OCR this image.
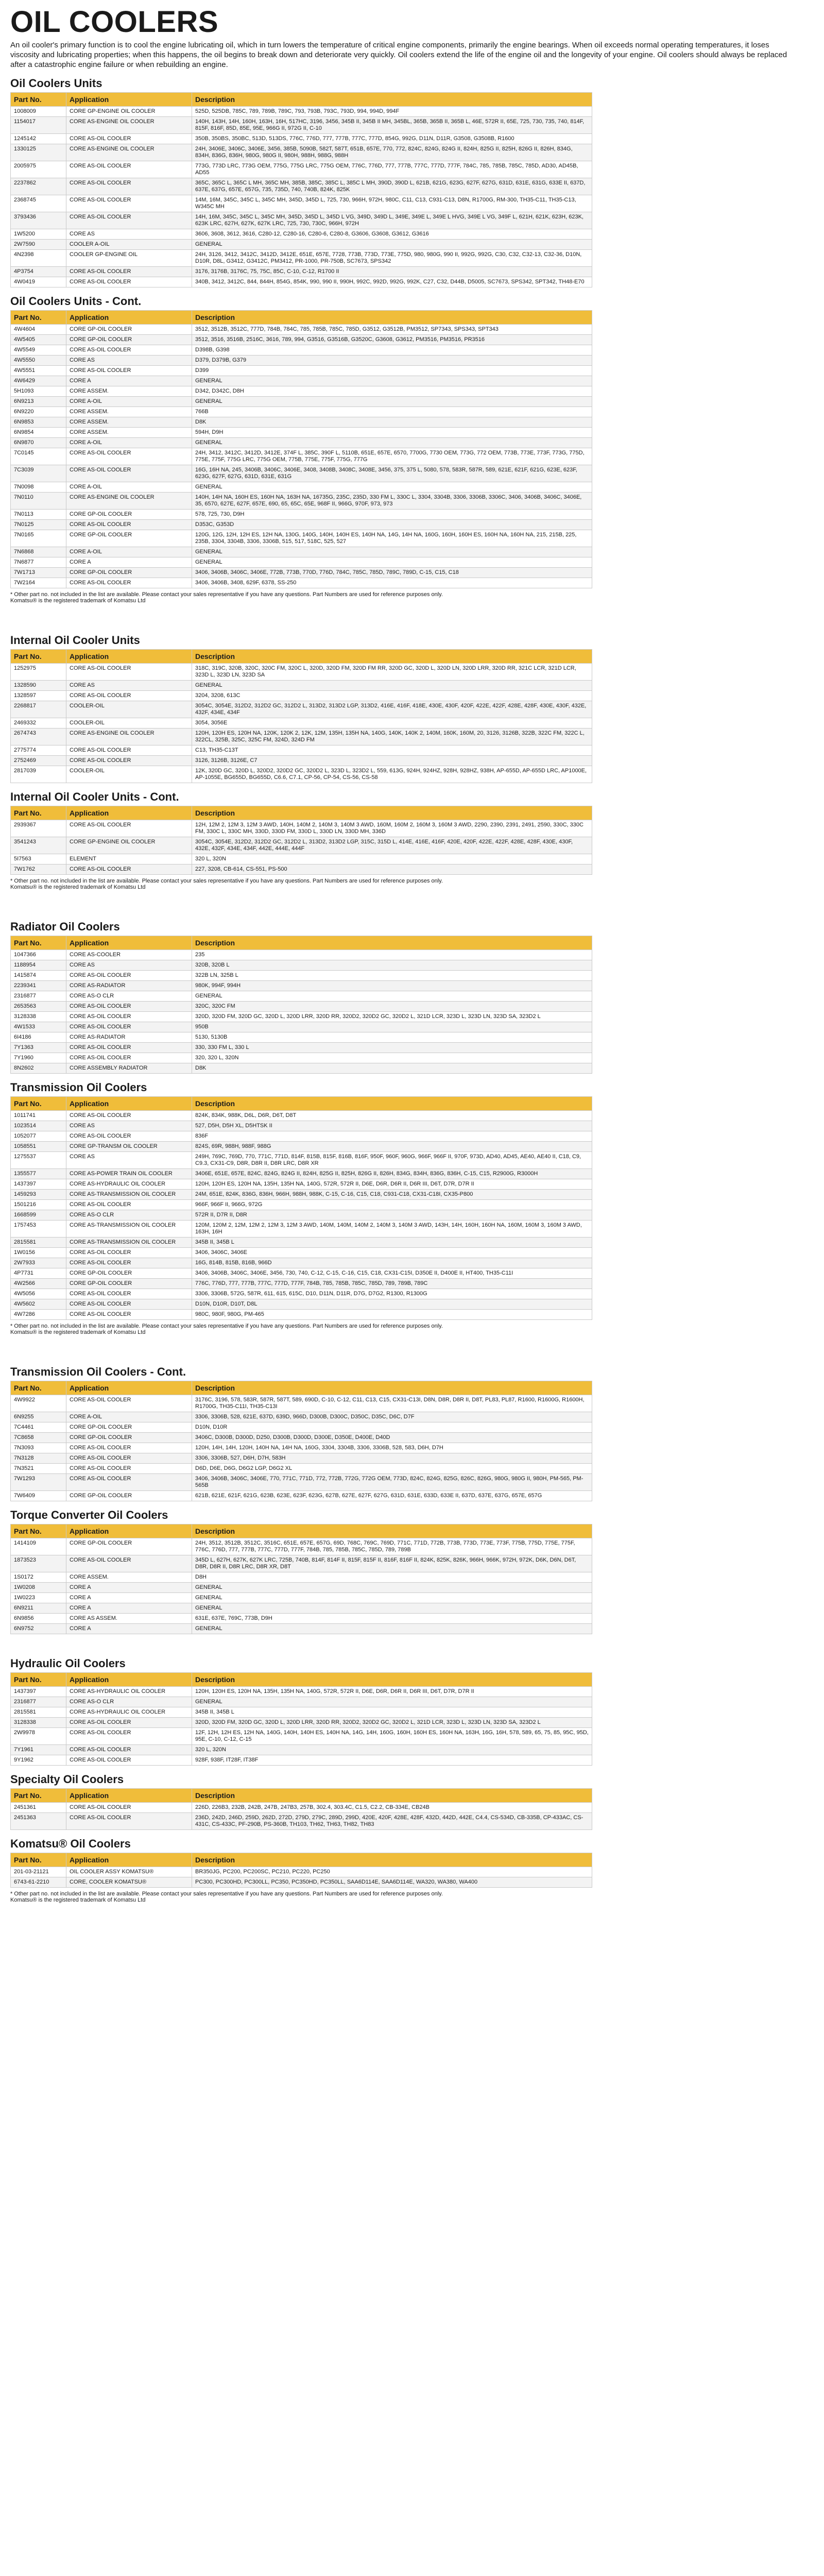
OIL COOLERS

An oil cooler's primary function is to cool the engine lubricating oil, which in turn lowers the temperature of critical engine components, primarily the engine bearings. When oil exceeds normal operating temperatures, it loses viscosity and lubricating properties; when this happens, the oil begins to break down and deteriorate very quickly. Oil coolers extend the life of the engine oil and the longevity of your engine. Oil coolers should always be replaced after a catastrophic engine failure or when rebuilding an engine.

Oil Coolers Units
Part No.	Application	Description
1008009	CORE GP-ENGINE OIL COOLER	525D, 525DB, 785C, 789, 789B, 789C, 793, 793B, 793C, 793D, 994, 994D, 994F
1154017	CORE AS-ENGINE OIL COOLER	140H, 143H, 14H, 160H, 163H, 16H, 517HC, 3196, 3456, 345B II, 345B II MH, 345BL, 365B, 365B II, 365B L, 46E, 572R II, 65E, 725, 730, 735, 740, 814F, 815F, 816F, 85D, 85E, 95E, 966G II, 972G II, C-10
1245142	CORE AS-OIL COOLER	350B, 350BS, 350BC, 513D, 513DS, 776C, 776D, 777, 777B, 777C, 777D, 854G, 992G, D11N, D11R, G3508, G3508B, R1600
1330125	CORE AS-ENGINE OIL COOLER	24H, 3406E, 3406C, 3406E, 3456, 385B, 5090B, 582T, 587T, 651B, 657E, 770, 772, 824C, 824G, 824G II, 824H, 825G II, 825H, 826G II, 826H, 834G, 834H, 836G, 836H, 980G, 980G II, 980H, 988H, 988G, 988H
2005975	CORE AS-OIL COOLER	773G, 773D LRC, 773G OEM, 775G, 775G LRC, 775G OEM, 776C, 776D, 777, 777B, 777C, 777D, 777F, 784C, 785, 785B, 785C, 785D, AD30, AD45B, AD55
2237862	CORE AS-OIL COOLER	365C, 365C L, 365C L MH, 365C MH, 385B, 385C, 385C L, 385C L MH, 390D, 390D L, 621B, 621G, 623G, 627F, 627G, 631D, 631E, 631G, 633E II, 637D, 637E, 637G, 657E, 657G, 735, 735D, 740, 740B, 824K, 825K
2368745	CORE AS-OIL COOLER	14M, 16M, 345C, 345C L, 345C MH, 345D, 345D L, 725, 730, 966H, 972H, 980C, C11, C13, C931-C13, D8N, R1700G, RM-300, TH35-C11, TH35-C13, W345C MH
3793436	CORE AS-OIL COOLER	14H, 16M, 345C, 345C L, 345C MH, 345D, 345D L, 345D L VG, 349D, 349D L, 349E, 349E L, 349E L HVG, 349E L VG, 349F L, 621H, 621K, 623H, 623K, 623K LRC, 627H, 627K, 627K LRC, 725, 730, 730C, 966H, 972H
1W5200	CORE AS	3606, 3608, 3612, 3616, C280-12, C280-16, C280-6, C280-8, G3606, G3608, G3612, G3616
2W7590	COOLER A-OIL	GENERAL
4N2398	COOLER GP-ENGINE OIL	24H, 3126, 3412, 3412C, 3412D, 3412E, 651E, 657E, 7728, 773B, 773D, 773E, 775D, 980, 980G, 990 II, 992G, 992G, C30, C32, C32-13, C32-36, D10N, D10R, D8L, G3412, G3412C, PM3412, PR-1000, PR-750B, SC7673, SPS342
4P3754	CORE AS-OIL COOLER	3176, 3176B, 3176C, 75, 75C, 85C, C-10, C-12, R1700 II
4W0419	CORE AS-OIL COOLER	340B, 3412, 3412C, 844, 844H, 854G, 854K, 990, 990 II, 990H, 992C, 992D, 992G, 992K, C27, C32, D44B, D5005, SC7673, SPS342, SPT342, TH48-E70
Oil Coolers Units - Cont.
Part No.	Application	Description
4W4604	CORE GP-OIL COOLER	3512, 3512B, 3512C, 777D, 784B, 784C, 785, 785B, 785C, 785D, G3512, G3512B, PM3512, SP7343, SPS343, SPT343
4W5405	CORE GP-OIL COOLER	3512, 3516, 3516B, 2516C, 3616, 789, 994, G3516, G3516B, G3520C, G3608, G3612, PM3516, PM3516, PR3516
4W5549	CORE AS-OIL COOLER	D398B, G398
4W5550	CORE AS	D379, D379B, G379
4W5551	CORE AS-OIL COOLER	D399
4W6429	CORE A	GENERAL
5H1093	CORE ASSEM.	D342, D342C, D8H
6N9213	CORE A-OIL	GENERAL
6N9220	CORE ASSEM.	766B
6N9853	CORE ASSEM.	D8K
6N9854	CORE ASSEM.	594H, D9H
6N9870	CORE A-OIL	GENERAL
7C0145	CORE AS-OIL COOLER	24H, 3412, 3412C, 3412D, 3412E, 374F L, 385C, 390F L, 5110B, 651E, 657E, 6570, 7700G, 7730 OEM, 773G, 772 OEM, 773B, 773E, 773F, 773G, 775D, 775E, 775F, 775G LRC, 775G OEM, 775B, 775E, 775F, 775G, 777G
7C3039	CORE AS-OIL COOLER	16G, 16H NA, 245, 3406B, 3406C, 3406E, 3408, 3408B, 3408C, 3408E, 3456, 375, 375 L, 5080, 578, 583R, 587R, 589, 621E, 621F, 621G, 623E, 623F, 623G, 627F, 627G, 631D, 631E, 631G
7N0098	CORE A-OIL	GENERAL
7N0110	CORE AS-ENGINE OIL COOLER	140H, 14H NA, 160H ES, 160H NA, 163H NA, 16735G, 235C, 235D, 330 FM L, 330C L, 3304, 3304B, 3306, 3306B, 3306C, 3406, 3406B, 3406C, 3406E, 35, 6570, 627E, 627F, 657E, 690, 65, 65C, 65E, 968F II, 966G, 970F, 973, 973
7N0113	CORE GP-OIL COOLER	578, 725, 730, D9H
7N0125	CORE AS-OIL COOLER	D353C, G353D
7N0165	CORE GP-OIL COOLER	120G, 12G, 12H, 12H ES, 12H NA, 130G, 140G, 140H, 140H ES, 140H NA, 14G, 14H NA, 160G, 160H, 160H ES, 160H NA, 160H NA, 215, 215B, 225, 235B, 3304, 3304B, 3306, 3306B, 515, 517, 518C, 525, 527
7N6868	CORE A-OIL	GENERAL
7N6877	CORE A	GENERAL
7W1713	CORE GP-OIL COOLER	3406, 3406B, 3406C, 3406E, 772B, 773B, 770D, 776D, 784C, 785C, 785D, 789C, 789D, C-15, C15, C18
7W2164	CORE AS-OIL COOLER	3406, 3406B, 3408, 629F, 6378, SS-250
* Other part no. not included in the list are available. Please contact your sales representative if you have any questions. Part Numbers are used for reference purposes only.
Komatsu® is the registered trademark of Komatsu Ltd
Internal Oil Cooler Units
Part No.	Application	Description
1252975	CORE AS-OIL COOLER	318C, 319C, 320B, 320C, 320C FM, 320C L, 320D, 320D FM, 320D FM RR, 320D GC, 320D L, 320D LN, 320D LRR, 320D RR, 321C LCR, 321D LCR, 323D L, 323D LN, 323D SA
1328590	CORE AS	GENERAL
1328597	CORE AS-OIL COOLER	3204, 3208, 613C
2268817	COOLER-OIL	3054C, 3054E, 312D2, 312D2 GC, 312D2 L, 313D2, 313D2 LGP, 313D2, 416E, 416F, 418E, 430E, 430F, 420F, 422E, 422F, 428E, 428F, 430E, 430F, 432E, 432F, 434E, 434F
2469332	COOLER-OIL	3054, 3056E
2674743	CORE AS-ENGINE OIL COOLER	120H, 120H ES, 120H NA, 120K, 120K 2, 12K, 12M, 135H, 135H NA, 140G, 140K, 140K 2, 140M, 160K, 160M, 20, 3126, 3126B, 322B, 322C FM, 322C L, 322CL, 325B, 325C, 325C FM, 324D, 324D FM
2775774	CORE AS-OIL COOLER	C13, TH35-C13T
2752469	CORE AS-OIL COOLER	3126, 3126B, 3126E, C7
2817039	COOLER-OIL	12K, 320D GC, 320D L, 320D2, 320D2 GC, 320D2 L, 323D L, 323D2 L, 559, 613G, 924H, 924HZ, 928H, 928HZ, 938H, AP-655D, AP-655D LRC, AP1000E, AP-1055E, BG655D, BG655D, C6.6, C7.1, CP-56, CP-54, CS-56, CS-58
Internal Oil Cooler Units - Cont.
Part No.	Application	Description
2939367	CORE AS-OIL COOLER	12H, 12M 2, 12M 3, 12M 3 AWD, 140H, 140M 2, 140M 3, 140M 3 AWD, 160M, 160M 2, 160M 3, 160M 3 AWD, 2290, 2390, 2391, 2491, 2590, 330C, 330C FM, 330C L, 330C MH, 330D, 330D FM, 330D L, 330D LN, 330D MH, 336D
3541243	CORE GP-ENGINE OIL COOLER	3054C, 3054E, 312D2, 312D2 GC, 312D2 L, 313D2, 313D2 LGP, 315C, 315D L, 414E, 416E, 416F, 420E, 420F, 422E, 422F, 428E, 428F, 430E, 430F, 432E, 432F, 434E, 434F, 442E, 444E, 444F
5I7563	ELEMENT	320 L, 320N
7W1762	CORE AS-OIL COOLER	227, 3208, CB-614, CS-551, PS-500
* Other part no. not included in the list are available. Please contact your sales representative if you have any questions. Part Numbers are used for reference purposes only.
Komatsu® is the registered trademark of Komatsu Ltd
Radiator Oil Coolers
Part No.	Application	Description
1047366	CORE AS-COOLER	235
1188954	CORE AS	320B, 320B L
1415874	CORE AS-OIL COOLER	322B LN, 325B L
2239341	CORE AS-RADIATOR	980K, 994F, 994H
2316877	CORE AS-O CLR	GENERAL
2653563	CORE AS-OIL COOLER	320C, 320C FM
3128338	CORE AS-OIL COOLER	320D, 320D FM, 320D GC, 320D L, 320D LRR, 320D RR, 320D2, 320D2 GC, 320D2 L, 321D LCR, 323D L, 323D LN, 323D SA, 323D2 L
4W1533	CORE AS-OIL COOLER	950B
6I4186	CORE AS-RADIATOR	5130, 5130B
7Y1363	CORE AS-OIL COOLER	330, 330 FM L, 330 L
7Y1960	CORE AS-OIL COOLER	320, 320 L, 320N
8N2602	CORE ASSEMBLY RADIATOR	D8K
Transmission Oil Coolers
Part No.	Application	Description
1011741	CORE AS-OIL COOLER	824K, 834K, 988K, D6L, D6R, D6T, D8T
1023514	CORE AS	527, D5H, D5H XL, D5HTSK II
1052077	CORE AS-OIL COOLER	836F
1058551	CORE GP-TRANSM OIL COOLER	824S, 69R, 988H, 988F, 988G
1275537	CORE AS	249H, 769C, 769D, 770, 771C, 771D, 814F, 815B, 815F, 816B, 816F, 950F, 960F, 960G, 966F, 966F II, 970F, 973D, AD40, AD45, AE40, AE40 II, C18, C9, C9.3, CX31-C9, D8R, D8R II, D8R LRC, D8R XR
1355577	CORE AS-POWER TRAIN OIL COOLER	3406E, 651E, 657E, 824C, 824G, 824G II, 824H, 825G II, 825H, 826G II, 826H, 834G, 834H, 836G, 836H, C-15, C15, R2900G, R3000H
1437397	CORE AS-HYDRAULIC OIL COOLER	120H, 120H ES, 120H NA, 135H, 135H NA, 140G, 572R, 572R II, D6E, D6R, D6R II, D6R III, D6T, D7R, D7R II
1459293	CORE AS-TRANSMISSION OIL COOLER	24M, 651E, 824K, 836G, 836H, 966H, 988H, 988K, C-15, C-16, C15, C18, C931-C18, CX31-C18I, CX35-P800
1501216	CORE AS-OIL COOLER	966F, 966F II, 966G, 972G
1668599	CORE AS-O CLR	572R II, D7R II, D8R
1757453	CORE AS-TRANSMISSION OIL COOLER	120M, 120M 2, 12M, 12M 2, 12M 3, 12M 3 AWD, 140M, 140M, 140M 2, 140M 3, 140M 3 AWD, 143H, 14H, 160H, 160H NA, 160M, 160M 3, 160M 3 AWD, 163H, 16H
2815581	CORE AS-TRANSMISSION OIL COOLER	345B II, 345B L
1W0156	CORE AS-OIL COOLER	3406, 3406C, 3406E
2W7933	CORE AS-OIL COOLER	16G, 814B, 815B, 816B, 966D
4P7731	CORE GP-OIL COOLER	3406, 3406B, 3406C, 3406E, 3456, 730, 740, C-12, C-15, C-16, C15, C18, CX31-C15I, D350E II, D400E II, HT400, TH35-C11I
4W2566	CORE GP-OIL COOLER	776C, 776D, 777, 777B, 777C, 777D, 777F, 784B, 785, 785B, 785C, 785D, 789, 789B, 789C
4W5056	CORE AS-OIL COOLER	3306, 3306B, 572G, 587R, 611, 615, 615C, D10, D11N, D11R, D7G, D7G2, R1300, R1300G
4W5602	CORE AS-OIL COOLER	D10N, D10R, D10T, D8L
4W7286	CORE AS-OIL COOLER	980C, 980F, 980G, PM-465
* Other part no. not included in the list are available. Please contact your sales representative if you have any questions. Part Numbers are used for reference purposes only.
Komatsu® is the registered trademark of Komatsu Ltd
Transmission Oil Coolers - Cont.
Part No.	Application	Description
4W9922	CORE AS-OIL COOLER	3176C, 3196, 578, 583R, 587R, 587T, 589, 690D, C-10, C-12, C11, C13, C15, CX31-C13I, D8N, D8R, D8R II, D8T, PL83, PL87, R1600, R1600G, R1600H, R1700G, TH35-C11I, TH35-C13I
6N9255	CORE A-OIL	3306, 3306B, 528, 621E, 637D, 639D, 966D, D300B, D300C, D350C, D35C, D6C, D7F
7C4461	CORE GP-OIL COOLER	D10N, D10R
7C8658	CORE GP-OIL COOLER	3406C, D300B, D300D, D250, D300B, D300D, D300E, D350E, D400E, D40D
7N3093	CORE AS-OIL COOLER	120H, 14H, 14H, 120H, 140H NA, 14H NA, 160G, 3304, 3304B, 3306, 3306B, 528, 583, D6H, D7H
7N3128	CORE AS-OIL COOLER	3306, 3306B, 527, D6H, D7H, 583H
7N3521	CORE AS-OIL COOLER	D6D, D6E, D6G, D6G2 LGP, D6G2 XL
7W1293	CORE AS-OIL COOLER	3406, 3406B, 3406C, 3406E, 770, 771C, 771D, 772, 772B, 772G, 772G OEM, 773D, 824C, 824G, 825G, 826C, 826G, 980G, 980G II, 980H, PM-565, PM-565B
7W6409	CORE GP-OIL COOLER	621B, 621E, 621F, 621G, 623B, 623E, 623F, 623G, 627B, 627E, 627F, 627G, 631D, 631E, 633D, 633E II, 637D, 637E, 637G, 657E, 657G
Torque Converter Oil Coolers
Part No.	Application	Description
1414109	CORE GP-OIL COOLER	24H, 3512, 3512B, 3512C, 3516C, 651E, 657E, 657G, 69D, 768C, 769C, 769D, 771C, 771D, 772B, 773B, 773D, 773E, 773F, 775B, 775D, 775E, 775F, 776C, 776D, 777, 777B, 777C, 777D, 777F, 784B, 785, 785B, 785C, 785D, 789, 789B
1873523	CORE AS-OIL COOLER	345D L, 627H, 627K, 627K LRC, 725B, 740B, 814F, 814F II, 815F, 815F II, 816F, 816F II, 824K, 825K, 826K, 966H, 966K, 972H, 972K, D6K, D6N, D6T, D8R, D8R II, D8R LRC, D8R XR, D8T
1S0172	CORE ASSEM.	D8H
1W0208	CORE A	GENERAL
1W0223	CORE A	GENERAL
6N9211	CORE A	GENERAL
6N9856	CORE AS ASSEM.	631E, 637E, 769C, 773B, D9H
6N9752	CORE A	GENERAL
Hydraulic Oil Coolers
Part No.	Application	Description
1437397	CORE AS-HYDRAULIC OIL COOLER	120H, 120H ES, 120H NA, 135H, 135H NA, 140G, 572R, 572R II, D6E, D6R, D6R II, D6R III, D6T, D7R, D7R II
2316877	CORE AS-O CLR	GENERAL
2815581	CORE AS-HYDRAULIC OIL COOLER	345B II, 345B L
3128338	CORE AS-OIL COOLER	320D, 320D FM, 320D GC, 320D L, 320D LRR, 320D RR, 320D2, 320D2 GC, 320D2 L, 321D LCR, 323D L, 323D LN, 323D SA, 323D2 L
2W9978	CORE AS-OIL COOLER	12F, 12H, 12H ES, 12H NA, 140G, 140H, 140H ES, 140H NA, 14G, 14H, 160G, 160H, 160H ES, 160H NA, 163H, 16G, 16H, 578, 589, 65, 75, 85, 95C, 95D, 95E, C-10, C-12, C-15
7Y1961	CORE AS-OIL COOLER	320 L, 320N
9Y1962	CORE AS-OIL COOLER	928F, 938F, IT28F, IT38F
Specialty Oil Coolers
Part No.	Application	Description
2451361	CORE AS-OIL COOLER	226D, 226B3, 232B, 242B, 247B, 247B3, 257B, 302.4, 303.4C, C1.5, C2.2, CB-334E, CB24B
2451363	CORE AS-OIL COOLER	236D, 242D, 246D, 259D, 262D, 272D, 279D, 279C, 289D, 299D, 420E, 420F, 428E, 428F, 432D, 442D, 442E, C4.4, CS-534D, CB-335B, CP-433AC, CS-431C, CS-433C, PF-290B, PS-360B, TH103, TH62, TH63, TH82, TH83
Komatsu® Oil Coolers
Part No.	Application	Description
201-03-21121	OIL COOLER ASSY KOMATSU®	BR350JG, PC200, PC200SC, PC210, PC220, PC250
6743-61-2210	CORE, COOLER KOMATSU®	PC300, PC300HD, PC300LL, PC350, PC350HD, PC350LL, SAA6D114E, SAA6D114E, WA320, WA380, WA400
* Other part no. not included in the list are available. Please contact your sales representative if you have any questions. Part Numbers are used for reference purposes only.
Komatsu® is the registered trademark of Komatsu Ltd
